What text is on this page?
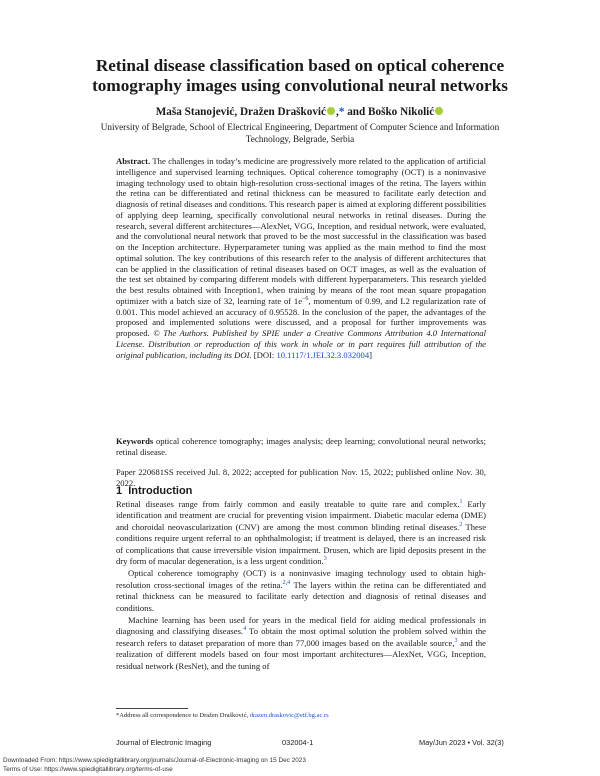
Retinal disease classification based on optical coherence tomography images using convolutional neural networks
Maša Stanojević, Dražen Drašković ,* and Boško Nikolić
University of Belgrade, School of Electrical Engineering, Department of Computer Science and Information Technology, Belgrade, Serbia

Abstract. The challenges in today’s medicine are progressively more related to the application of artificial intelligence and supervised learning techniques. Optical coherence tomography (OCT) is a noninvasive imaging technology used to obtain high-resolution cross-sectional images of the retina. The layers within the retina can be differentiated and retinal thickness can be measured to facilitate early detection and diagnosis of retinal diseases and conditions. This research paper is aimed at exploring different possibilities of applying deep learning, specifically convolutional neural networks in retinal diseases. During the research, several different architectures—AlexNet, VGG, Inception, and residual network, were evaluated, and the convolutional neural network that proved to be the most successful in the classification was based on the Inception architecture. Hyperparameter tuning was applied as the main method to find the most optimal solution. The key contributions of this research refer to the analysis of different architectures that can be applied in the classification of retinal diseases based on OCT images, as well as the evaluation of the test set obtained by comparing different models with different hyperparameters. This research yielded the best results obtained with Inception1, when training by means of the root mean square propagation optimizer with a batch size of 32, learning rate of $1e^{-6}$, momentum of 0.99, and L2 regularization rate of 0.001. This model achieved an accuracy of 0.95528. In the conclusion of the paper, the advantages of the proposed and implemented solutions were discussed, and a proposal for further improvements was proposed. © The Authors. Published by SPIE under a Creative Commons Attribution 4.0 International License. Distribution or reproduction of this work in whole or in part requires full attribution of the original publication, including its DOI. [DOI: 10.1117/1.JEI.32.3.032004]

Keywords optical coherence tomography; images analysis; deep learning; convolutional neural networks; retinal disease.

Paper 220681SS received Jul. 8, 2022; accepted for publication Nov. 15, 2022; published online Nov. 30, 2022.

1 Introduction

Retinal diseases range from fairly common and easily treatable to quite rare and complex.$^1$ Early identification and treatment are crucial for preventing vision impairment. Diabetic macular edema (DME) and choroidal neovascularization (CNV) are among the most common blinding retinal diseases.$^2$ These conditions require urgent referral to an ophthalmologist; if treatment is delayed, there is an increased risk of complications that cause irreversible vision impairment. Drusen, which are lipid deposits present in the dry form of macular degeneration, is a less urgent condition.$^3$

Optical coherence tomography (OCT) is a noninvasive imaging technology used to obtain high-resolution cross-sectional images of the retina.$^{2,4}$ The layers within the retina can be differentiated and retinal thickness can be measured to facilitate early detection and diagnosis of retinal diseases and conditions.

Machine learning has been used for years in the medical field for aiding medical professionals in diagnosing and classifying diseases.$^4$ To obtain the most optimal solution the problem solved within the research refers to dataset preparation of more than 77,000 images based on the available source,$^3$ and the realization of different models based on four most important architectures—AlexNet, VGG, Inception, residual network (ResNet), and the tuning of

*Address all correspondence to Dražen Drašković, drazen.draskovic@etf.bg.ac.rs
Journal of Electronic Imaging	032004-1	May/Jun 2023 • Vol. 32(3)
Downloaded From: https://www.spiedigitallibrary.org/journals/Journal-of-Electronic-Imaging on 15 Dec 2023
Terms of Use: https://www.spiedigitallibrary.org/terms-of-use
